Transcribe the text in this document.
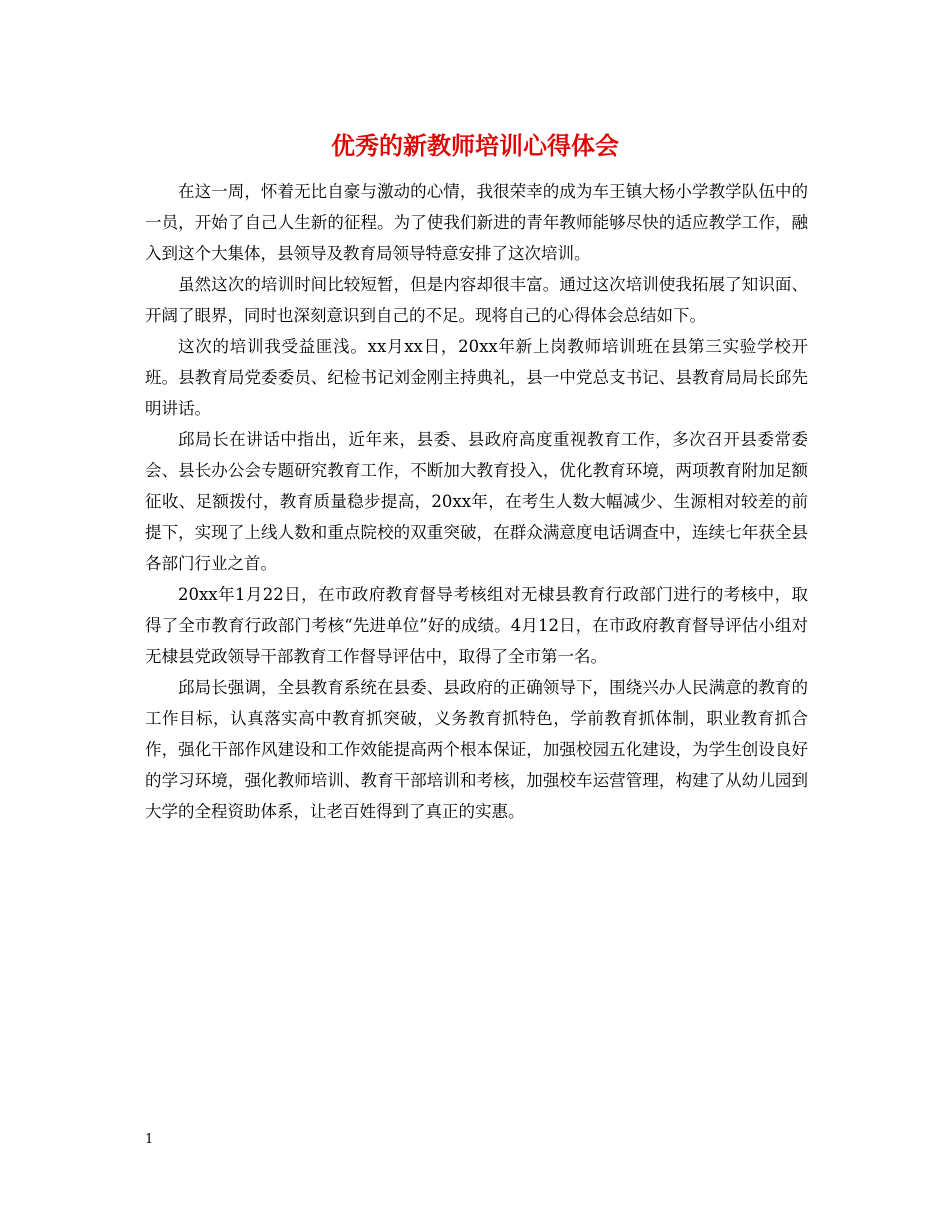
优秀的新教师培训心得体会

在这一周，怀着无比自豪与激动的心情，我很荣幸的成为车王镇大杨小学教学队伍中的一员，开始了自己人生新的征程。为了使我们新进的青年教师能够尽快的适应教学工作，融入到这个大集体，县领导及教育局领导特意安排了这次培训。

虽然这次的培训时间比较短暂，但是内容却很丰富。通过这次培训使我拓展了知识面、开阔了眼界，同时也深刻意识到自己的不足。现将自己的心得体会总结如下。

这次的培训我受益匪浅。xx月xx日，20xx年新上岗教师培训班在县第三实验学校开班。县教育局党委委员、纪检书记刘金刚主持典礼，县一中党总支书记、县教育局局长邱先明讲话。

邱局长在讲话中指出，近年来，县委、县政府高度重视教育工作，多次召开县委常委会、县长办公会专题研究教育工作，不断加大教育投入，优化教育环境，两项教育附加足额征收、足额拨付，教育质量稳步提高，20xx年，在考生人数大幅减少、生源相对较差的前提下，实现了上线人数和重点院校的双重突破，在群众满意度电话调查中，连续七年获全县各部门行业之首。

20xx年1月22日，在市政府教育督导考核组对无棣县教育行政部门进行的考核中，取得了全市教育行政部门考核“先进单位”好的成绩。4月12日，在市政府教育督导评估小组对无棣县党政领导干部教育工作督导评估中，取得了全市第一名。

邱局长强调，全县教育系统在县委、县政府的正确领导下，围绕兴办人民满意的教育的工作目标，认真落实高中教育抓突破，义务教育抓特色，学前教育抓体制，职业教育抓合作，强化干部作风建设和工作效能提高两个根本保证，加强校园五化建设，为学生创设良好的学习环境，强化教师培训、教育干部培训和考核，加强校车运营管理，构建了从幼儿园到大学的全程资助体系，让老百姓得到了真正的实惠。

1
